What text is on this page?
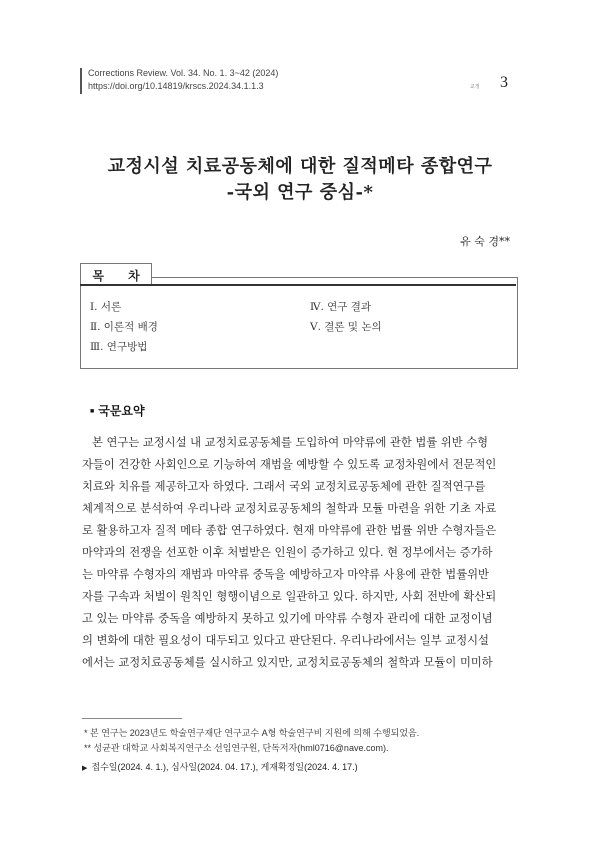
Corrections Review. Vol. 34. No. 1. 3~42 (2024)
https://doi.org/10.14819/krscs.2024.34.1.1.3	교정 3
교정시설 치료공동체에 대한 질적메타 종합연구
-국외 연구 중심-*
유 숙 경**
목 차
Ⅰ. 서론
Ⅱ. 이론적 배경
Ⅲ. 연구방법
Ⅳ. 연구 결과
Ⅴ. 결론 및 논의
■ 국문요약
본 연구는 교정시설 내 교정치료공동체를 도입하여 마약류에 관한 법률 위반 수형
자들이 건강한 사회인으로 기능하여 재범을 예방할 수 있도록 교정차원에서 전문적인
치료와 치유를 제공하고자 하였다. 그래서 국외 교정치료공동체에 관한 질적연구를
체계적으로 분석하여 우리나라 교정치료공동체의 철학과 모듈 마련을 위한 기초 자료
로 활용하고자 질적 메타 종합 연구하였다. 현재 마약류에 관한 법률 위반 수형자들은
마약과의 전쟁을 선포한 이후 처벌받은 인원이 증가하고 있다. 현 정부에서는 증가하
는 마약류 수형자의 재범과 마약류 중독을 예방하고자 마약류 사용에 관한 법률위반
자를 구속과 처벌이 원칙인 형행이념으로 일관하고 있다. 하지만, 사회 전반에 확산되
고 있는 마약류 중독을 예방하지 못하고 있기에 마약류 수형자 관리에 대한 교정이념
의 변화에 대한 필요성이 대두되고 있다고 판단된다. 우리나라에서는 일부 교정시설
에서는 교정치료공동체를 실시하고 있지만, 교정치료공동체의 철학과 모듈이 미미하
* 본 연구는 2023년도 학술연구재단 연구교수 A형 학술연구비 지원에 의해 수행되었음.
** 성균관 대학교 사회복지연구소 선임연구원, 단독저자(hml0716@nave.com).
▶ 접수일(2024. 4. 1.), 심사일(2024. 04. 17.), 게재확정일(2024. 4. 17.)
